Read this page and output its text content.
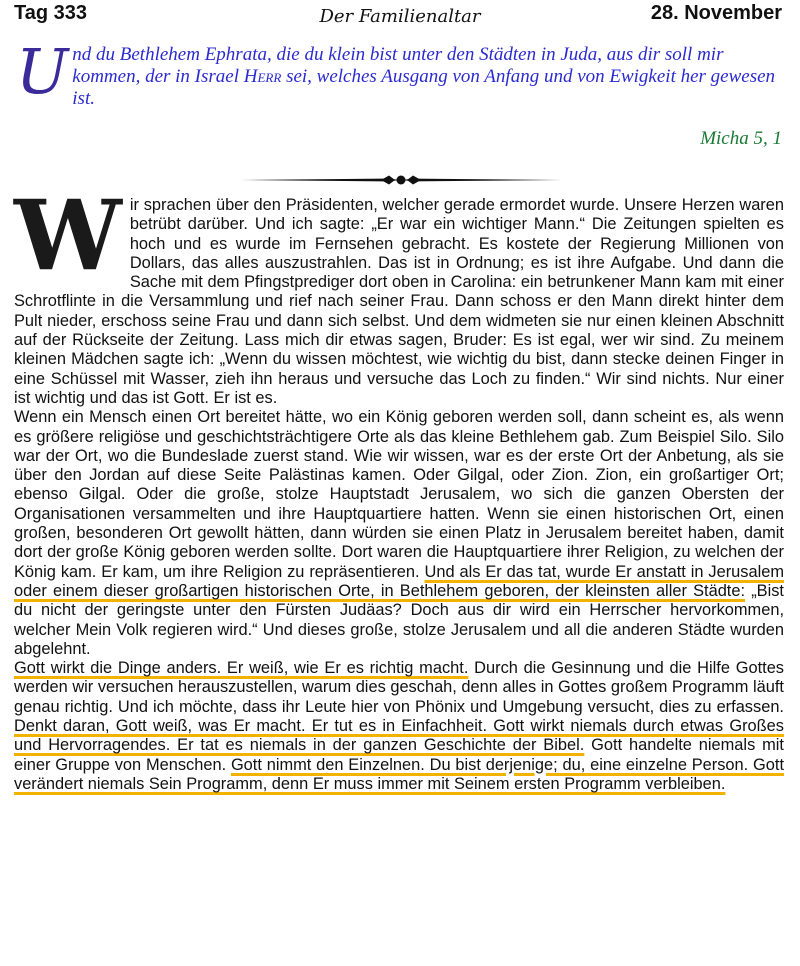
Tag 333	Der Familienaltar	28. November
Und du Bethlehem Ephrata, die du klein bist unter den Städten in Juda, aus dir soll mir kommen, der in Israel Herr sei, welches Ausgang von Anfang und von Ewigkeit her gewesen ist.
Micha 5, 1

Wir sprachen über den Präsidenten, welcher gerade ermordet wurde. Unsere Herzen waren betrübt darüber. Und ich sagte: „Er war ein wichtiger Mann.“ Die Zeitungen spielten es hoch und es wurde im Fernsehen gebracht. Es kostete der Regierung Millionen von Dollars, das alles auszustrahlen. Das ist in Ordnung; es ist ihre Aufgabe. Und dann die Sache mit dem Pfingstprediger dort oben in Carolina: ein betrunkener Mann kam mit einer Schrotflinte in die Versammlung und rief nach seiner Frau. Dann schoss er den Mann direkt hinter dem Pult nieder, erschoss seine Frau und dann sich selbst. Und dem widmeten sie nur einen kleinen Abschnitt auf der Rückseite der Zeitung. Lass mich dir etwas sagen, Bruder: Es ist egal, wer wir sind. Zu meinem kleinen Mädchen sagte ich: „Wenn du wissen möchtest, wie wichtig du bist, dann stecke deinen Finger in eine Schüssel mit Wasser, zieh ihn heraus und versuche das Loch zu finden.“ Wir sind nichts. Nur einer ist wichtig und das ist Gott. Er ist es.

Wenn ein Mensch einen Ort bereitet hätte, wo ein König geboren werden soll, dann scheint es, als wenn es größere religiöse und geschichtsträchtigere Orte als das kleine Bethlehem gab. Zum Beispiel Silo. Silo war der Ort, wo die Bundeslade zuerst stand. Wie wir wissen, war es der erste Ort der Anbetung, als sie über den Jordan auf diese Seite Palästinas kamen. Oder Gilgal, oder Zion. Zion, ein großartiger Ort; ebenso Gilgal. Oder die große, stolze Hauptstadt Jerusalem, wo sich die ganzen Obersten der Organisationen versammelten und ihre Hauptquartiere hatten. Wenn sie einen historischen Ort, einen großen, besonderen Ort gewollt hätten, dann würden sie einen Platz in Jerusalem bereitet haben, damit dort der große König geboren werden sollte. Dort waren die Hauptquartiere ihrer Religion, zu welchen der König kam. Er kam, um ihre Religion zu repräsentieren. Und als Er das tat, wurde Er anstatt in Jerusalem oder einem dieser großartigen historischen Orte, in Bethlehem geboren, der kleinsten aller Städte: „Bist du nicht der geringste unter den Fürsten Judäas? Doch aus dir wird ein Herrscher hervorkommen, welcher Mein Volk regieren wird.“ Und dieses große, stolze Jerusalem und all die anderen Städte wurden abgelehnt.

Gott wirkt die Dinge anders. Er weiß, wie Er es richtig macht. Durch die Gesinnung und die Hilfe Gottes werden wir versuchen herauszustellen, warum dies geschah, denn alles in Gottes großem Programm läuft genau richtig. Und ich möchte, dass ihr Leute hier von Phönix und Umgebung versucht, dies zu erfassen. Denkt daran, Gott weiß, was Er macht. Er tut es in Einfachheit. Gott wirkt niemals durch etwas Großes und Hervorragendes. Er tat es niemals in der ganzen Geschichte der Bibel. Gott handelte niemals mit einer Gruppe von Menschen. Gott nimmt den Einzelnen. Du bist derjenige; du, eine einzelne Person. Gott verändert niemals Sein Programm, denn Er muss immer mit Seinem ersten Programm verbleiben.
